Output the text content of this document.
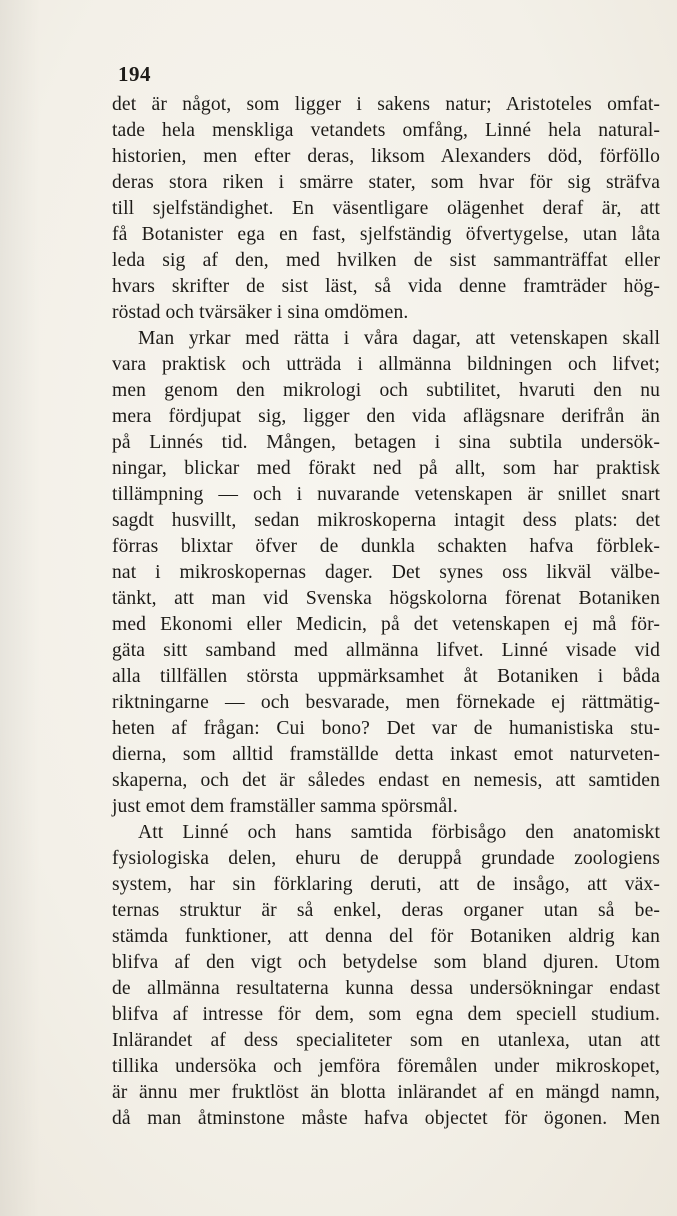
194
det är något, som ligger i sakens natur; Aristoteles omfat-
tade hela menskliga vetandets omfång, Linné hela natural-
historien, men efter deras, liksom Alexanders död, förföllo
deras stora riken i smärre stater, som hvar för sig sträfva
till sjelfständighet. En väsentligare olägenhet deraf är, att
få Botanister ega en fast, sjelfständig öfvertygelse, utan låta
leda sig af den, med hvilken de sist sammanträffat eller
hvars skrifter de sist läst, så vida denne framträder hög-
röstad och tvärsäker i sina omdömen.
Man yrkar med rätta i våra dagar, att vetenskapen skall
vara praktisk och utträda i allmänna bildningen och lifvet;
men genom den mikrologi och subtilitet, hvaruti den nu
mera fördjupat sig, ligger den vida aflägsnare derifrån än
på Linnés tid. Mången, betagen i sina subtila undersök-
ningar, blickar med förakt ned på allt, som har praktisk
tillämpning — och i nuvarande vetenskapen är snillet snart
sagdt husvillt, sedan mikroskoperna intagit dess plats: det
förras blixtar öfver de dunkla schakten hafva förblek-
nat i mikroskopernas dager. Det synes oss likväl välbe-
tänkt, att man vid Svenska högskolorna förenat Botaniken
med Ekonomi eller Medicin, på det vetenskapen ej må för-
gäta sitt samband med allmänna lifvet. Linné visade vid
alla tillfällen största uppmärksamhet åt Botaniken i båda
riktningarne — och besvarade, men förnekade ej rättmätig-
heten af frågan: Cui bono? Det var de humanistiska stu-
dierna, som alltid framställde detta inkast emot naturveten-
skaperna, och det är således endast en nemesis, att samtiden
just emot dem framställer samma spörsmål.
Att Linné och hans samtida förbisågo den anatomiskt
fysiologiska delen, ehuru de deruppå grundade zoologiens
system, har sin förklaring deruti, att de insågo, att väx-
ternas struktur är så enkel, deras organer utan så be-
stämda funktioner, att denna del för Botaniken aldrig kan
blifva af den vigt och betydelse som bland djuren. Utom
de allmänna resultaterna kunna dessa undersökningar endast
blifva af intresse för dem, som egna dem speciell studium.
Inlärandet af dess specialiteter som en utanlexa, utan att
tillika undersöka och jemföra föremålen under mikroskopet,
är ännu mer fruktlöst än blotta inlärandet af en mängd namn,
då man åtminstone måste hafva objectet för ögonen. Men
